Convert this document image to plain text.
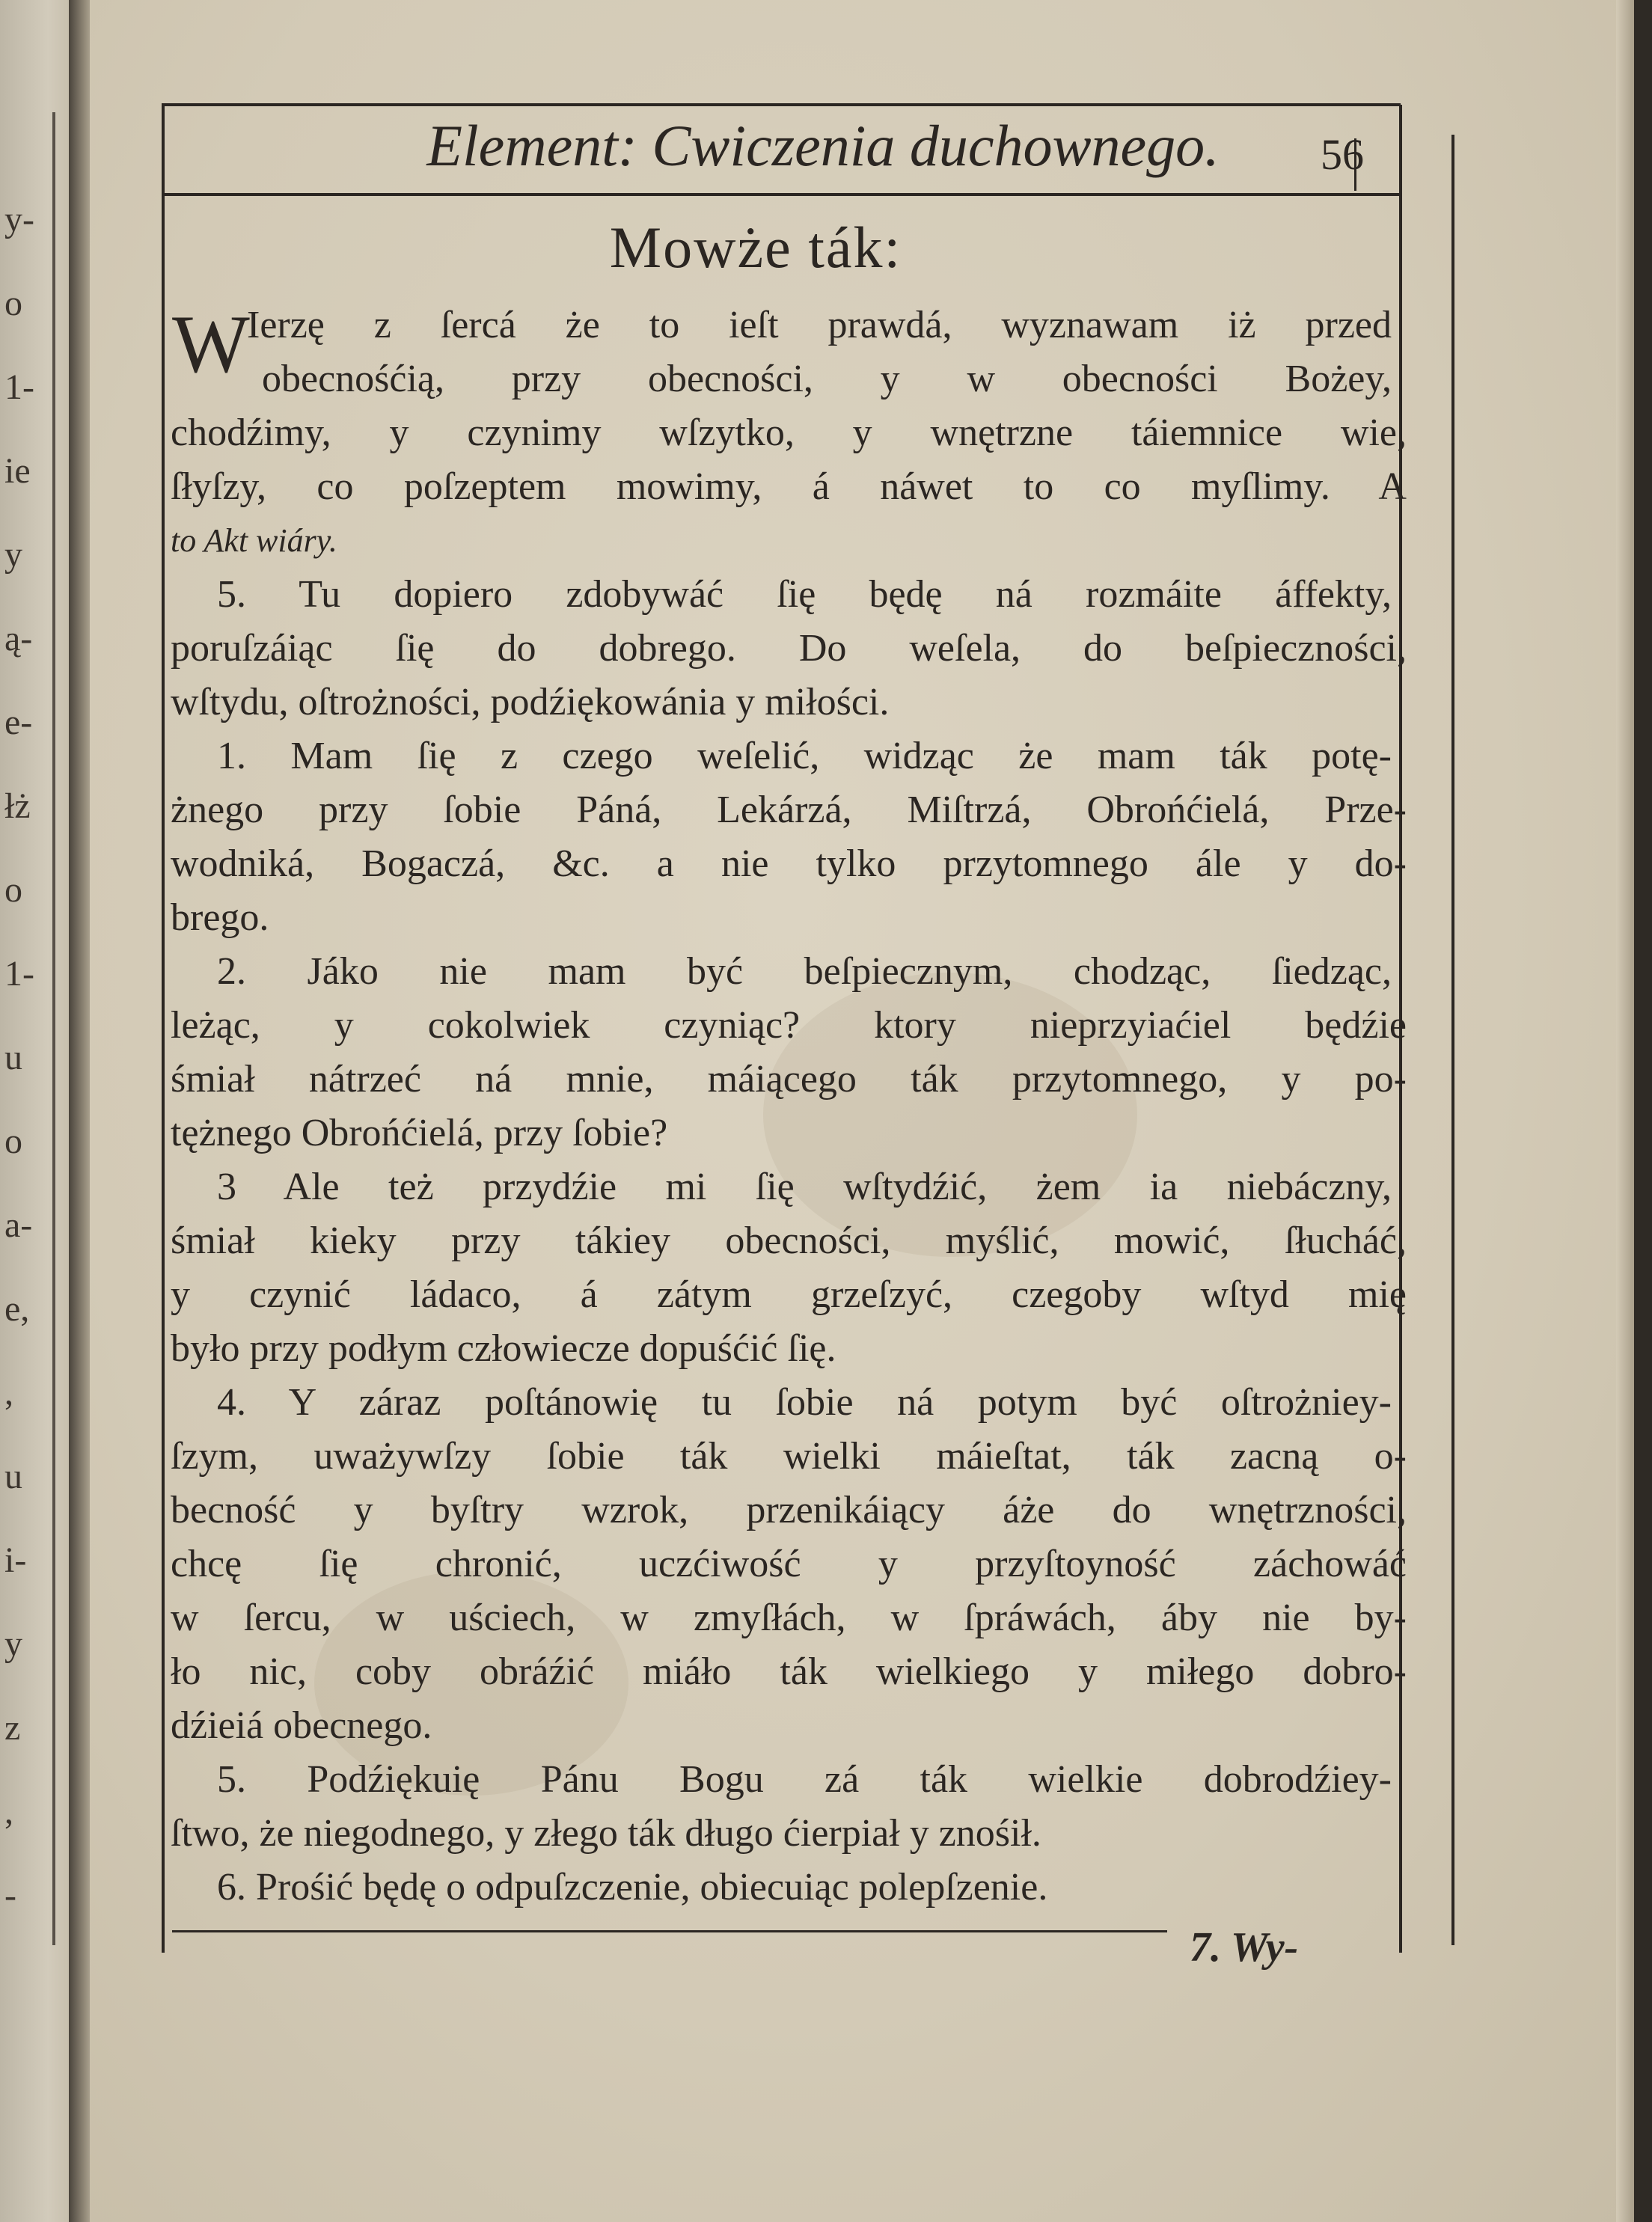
y-
o
1-
ie
y
ą-
e-
łż
o
1-
u
o
a-
e,
,
u
i-
y
z
,
-
Element: Cwiczenia duchownego.	56
Mowże ták:
W
Ierzę z ſercá że to ieſt prawdá, wyznawam iż przed
obecnośćią, przy obecności, y w obecności Bożey,
chodźimy, y czynimy wſzytko, y wnętrzne táiemnice wie,
ſłyſzy, co poſzeptem mowimy, á náwet to co myſlimy. A
to Akt wiáry.
5. Tu dopiero zdobywáć ſię będę ná rozmáite áffekty,
poruſzáiąc ſię do dobrego. Do weſela, do beſpieczności,
wſtydu, oſtrożności, podźiękowánia y miłości.
1. Mam ſię z czego weſelić, widząc że mam ták potę-
żnego przy ſobie Páná, Lekárzá, Miſtrzá, Obrońćielá, Prze-
wodniká, Bogaczá, &c. a nie tylko przytomnego ále y do-
brego.
2. Jáko nie mam być beſpiecznym, chodząc, ſiedząc,
leżąc, y cokolwiek czyniąc? ktory nieprzyiaćiel będźie
śmiał nátrzeć ná mnie, máiącego ták przytomnego, y po-
tężnego Obrońćielá, przy ſobie?
3 Ale też przydźie mi ſię wſtydźić, żem ia niebáczny,
śmiał kieky przy tákiey obecności, myślić, mowić, ſłucháć,
y czynić ládaco, á zátym grzeſzyć, czegoby wſtyd mię
było przy podłym człowiecze dopuśćić ſię.
4. Y záraz poſtánowię tu ſobie ná potym być oſtrożniey-
ſzym, uważywſzy ſobie ták wielki máieſtat, ták zacną o-
becność y byſtry wzrok, przenikáiący áże do wnętrzności,
chcę ſię chronić, uczćiwość y przyſtoyność záchowáć
w ſercu, w uściech, w zmyſłách, w ſpráwách, áby nie by-
ło nic, coby obráźić miáło ták wielkiego y miłego dobro-
dźieiá obecnego.
5. Podźiękuię Pánu Bogu zá ták wielkie dobrodźiey-
ſtwo, że niegodnego, y złego ták długo ćierpiał y znośił.
6. Prośić będę o odpuſzczenie, obiecuiąc polepſzenie.
7. Wy-
